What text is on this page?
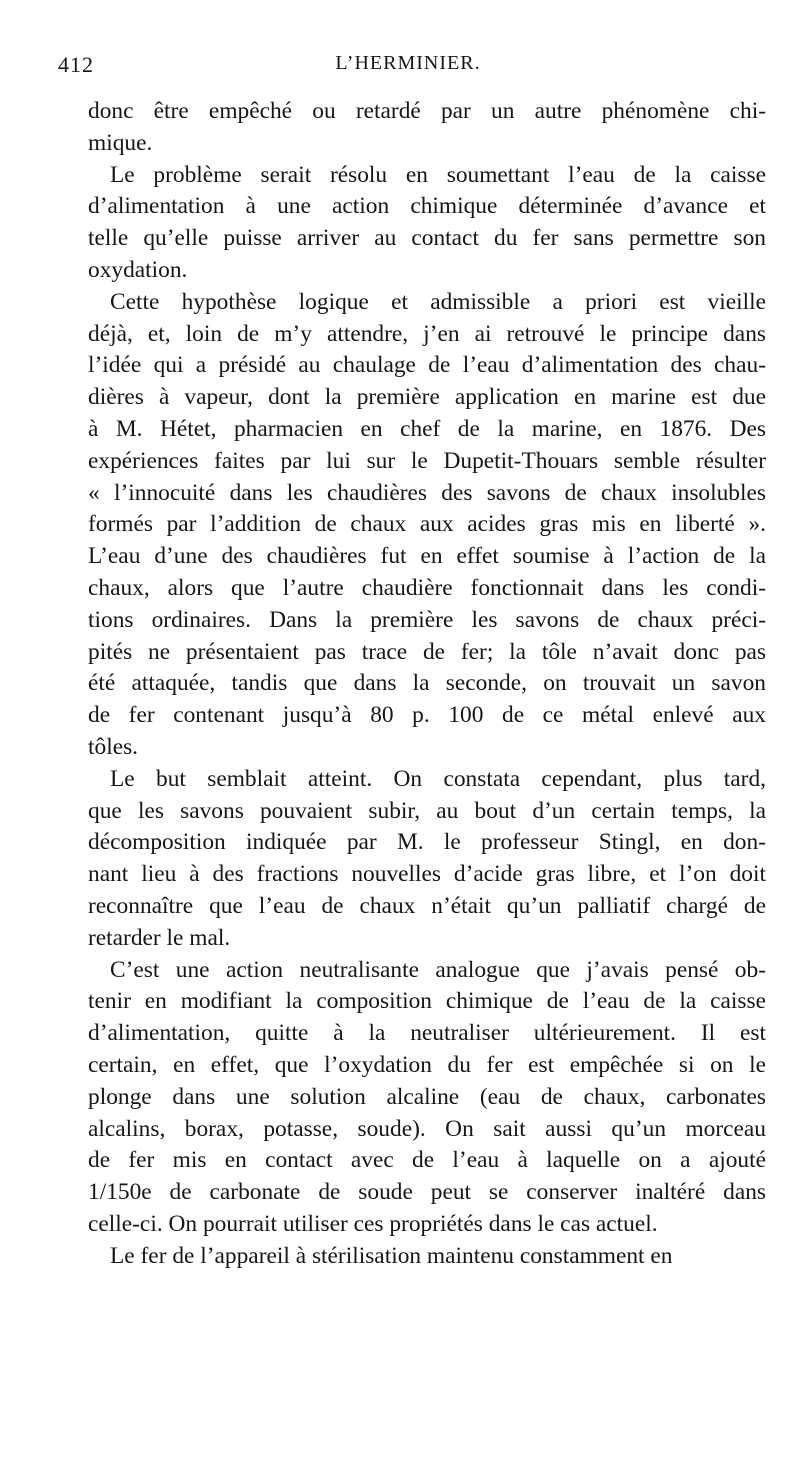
412	L’HERMINIER.

donc être empêché ou retardé par un autre phénomène chi-
mique.

Le problème serait résolu en soumettant l’eau de la caisse
d’alimentation à une action chimique déterminée d’avance et
telle qu’elle puisse arriver au contact du fer sans permettre son
oxydation.

Cette hypothèse logique et admissible a priori est vieille
déjà, et, loin de m’y attendre, j’en ai retrouvé le principe dans
l’idée qui a présidé au chaulage de l’eau d’alimentation des chau-
dières à vapeur, dont la première application en marine est due
à M. Hétet, pharmacien en chef de la marine, en 1876. Des
expériences faites par lui sur le Dupetit-Thouars semble résulter
« l’innocuité dans les chaudières des savons de chaux insolubles
formés par l’addition de chaux aux acides gras mis en liberté ».
L’eau d’une des chaudières fut en effet soumise à l’action de la
chaux, alors que l’autre chaudière fonctionnait dans les condi-
tions ordinaires. Dans la première les savons de chaux préci-
pités ne présentaient pas trace de fer; la tôle n’avait donc pas
été attaquée, tandis que dans la seconde, on trouvait un savon
de fer contenant jusqu’à 80 p. 100 de ce métal enlevé aux
tôles.

Le but semblait atteint. On constata cependant, plus tard,
que les savons pouvaient subir, au bout d’un certain temps, la
décomposition indiquée par M. le professeur Stingl, en don-
nant lieu à des fractions nouvelles d’acide gras libre, et l’on doit
reconnaître que l’eau de chaux n’était qu’un palliatif chargé de
retarder le mal.

C’est une action neutralisante analogue que j’avais pensé ob-
tenir en modifiant la composition chimique de l’eau de la caisse
d’alimentation, quitte à la neutraliser ultérieurement. Il est
certain, en effet, que l’oxydation du fer est empêchée si on le
plonge dans une solution alcaline (eau de chaux, carbonates
alcalins, borax, potasse, soude). On sait aussi qu’un morceau
de fer mis en contact avec de l’eau à laquelle on a ajouté
1/150e de carbonate de soude peut se conserver inaltéré dans
celle-ci. On pourrait utiliser ces propriétés dans le cas actuel.

Le fer de l’appareil à stérilisation maintenu constamment en
